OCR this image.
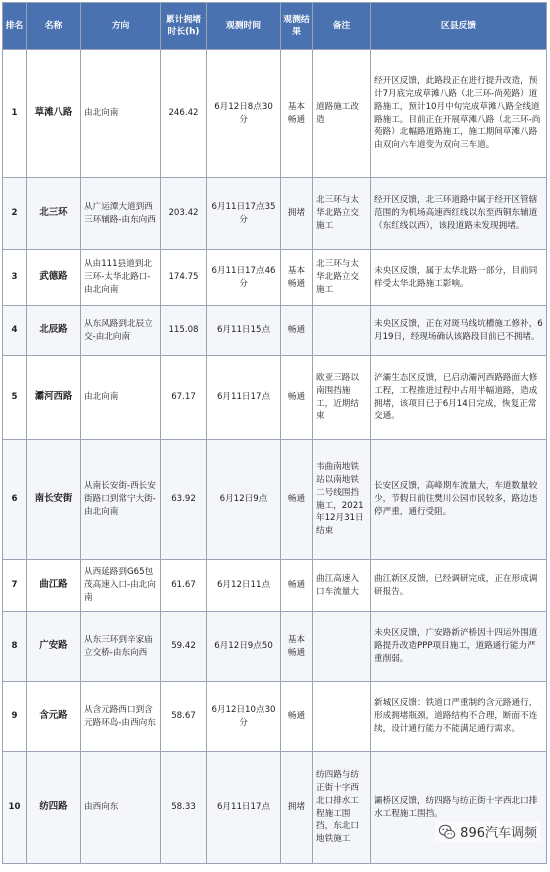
排名	名称	方向	累计拥堵时长(h)	观测时间	观测结果	备注	区县反馈
1	草滩八路	由北向南	246.42	6月12日8点30分	基本畅通	道路施工改造	经开区反馈，此路段正在进行提升改造，预计7月底完成草滩八路（北三环-尚苑路）道路施工，预计10月中旬完成草滩八路全线道路施工。目前正在开展草滩八路（北三环-尚苑路）北幅路道路施工，施工期间草滩八路由双向六车道变为双向三车道。
2	北三环	从广运潭大道到西三环辅路-由东向西	203.42	6月11日17点35分	拥堵	北三环与太华北路立交施工	经开区反馈，北三环道路中属于经开区管辖范围的为机场高速西红线以东至西铜东辅道（东红线以西），该段道路未发现拥堵。
3	武德路	从由111县道到北三环-太华北路口-由北向南	174.75	6月11日17点46分	基本畅通	北三环与太华北路立交施工	未央区反馈，属于太华北路一部分，目前同样受太华北路施工影响。
4	北辰路	从东风路到北辰立交-由北向南	115.08	6月11日15点	畅通		未央区反馈，正在对斑马线坑槽施工修补，6月19日，经现场确认该路段目前已不拥堵。
5	灞河西路	由北向南	67.17	6月11日17点	畅通	欧亚三路以南围挡施工，近期结束	浐灞生态区反馈，已启动灞河西路路面大修工程，工程推进过程中占用半幅道路，造成拥堵，该项目已于6月14日完成，恢复正常交通。
6	南长安街	从南长安街-西长安街路口到常宁大街-由北向南	63.92	6月12日9点	畅通	韦曲南地铁站以南地铁二号线围挡施工，2021年12月31日结束	长安区反馈，高峰期车流量大，车道数量较少，节假日前往樊川公园市民较多，路边违停严重，通行受阻。
7	曲江路	从西延路到G65包茂高速入口-由北向南	61.67	6月12日11点	畅通	曲江高速入口车流量大	曲江新区反馈，已经调研完成，正在形成调研报告。
8	广安路	从东三环到辛家庙立交桥-由东向西	59.42	6月12日9点50	基本畅通		未央区反馈，广安路新浐桥因十四运外围道路提升改造PPP项目施工，道路通行能力严重削弱。
9	含元路	从含元路西口到含元路环岛-由西向东	58.67	6月12日10点30分	畅通		新城区反馈：铁道口严重制约含元路通行，形成拥堵瓶颈，道路结构不合理，断面不连续，设计通行能力不能满足通行需求。
10	纺四路	由西向东	58.33	6月11日17点	拥堵	纺四路与纺正街十字西北口排水工程施工围挡，东北口地铁施工	灞桥区反馈，纺四路与纺正街十字西北口排水工程施工围挡。
896汽车调频
